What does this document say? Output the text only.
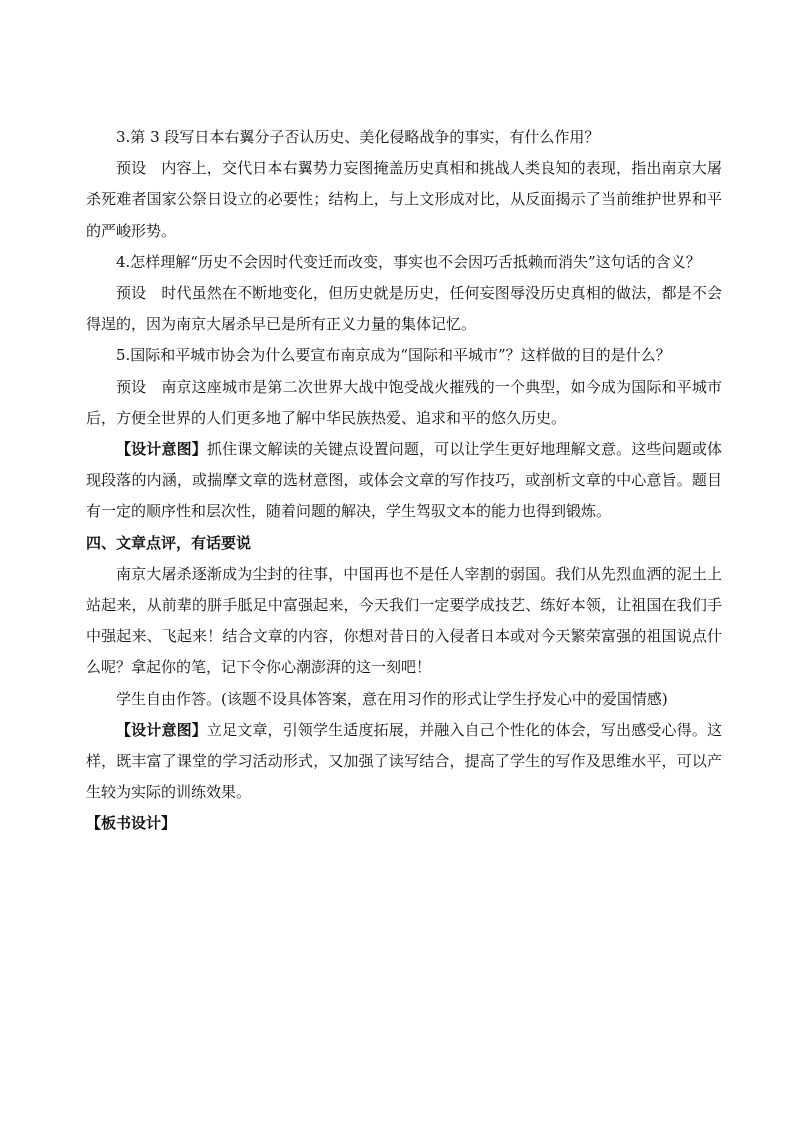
3.第 3 段写日本右翼分子否认历史、美化侵略战争的事实，有什么作用？

预设 内容上，交代日本右翼势力妄图掩盖历史真相和挑战人类良知的表现，指出南京大屠杀死难者国家公祭日设立的必要性；结构上，与上文形成对比，从反面揭示了当前维护世界和平的严峻形势。

4.怎样理解“历史不会因时代变迁而改变，事实也不会因巧舌抵赖而消失”这句话的含义？

预设 时代虽然在不断地变化，但历史就是历史，任何妄图辱没历史真相的做法，都是不会得逞的，因为南京大屠杀早已是所有正义力量的集体记忆。

5.国际和平城市协会为什么要宣布南京成为“国际和平城市”？这样做的目的是什么？

预设 南京这座城市是第二次世界大战中饱受战火摧残的一个典型，如今成为国际和平城市后，方便全世界的人们更多地了解中华民族热爱、追求和平的悠久历史。

【设计意图】抓住课文解读的关键点设置问题，可以让学生更好地理解文意。这些问题或体现段落的内涵，或揣摩文章的选材意图，或体会文章的写作技巧，或剖析文章的中心意旨。题目有一定的顺序性和层次性，随着问题的解决，学生驾驭文本的能力也得到锻炼。

四、文章点评，有话要说

南京大屠杀逐渐成为尘封的往事，中国再也不是任人宰割的弱国。我们从先烈血洒的泥土上站起来，从前辈的胼手胝足中富强起来，今天我们一定要学成技艺、练好本领，让祖国在我们手中强起来、飞起来！结合文章的内容，你想对昔日的入侵者日本或对今天繁荣富强的祖国说点什么呢？拿起你的笔，记下令你心潮澎湃的这一刻吧！

学生自由作答。(该题不设具体答案，意在用习作的形式让学生抒发心中的爱国情感)

【设计意图】立足文章，引领学生适度拓展，并融入自己个性化的体会，写出感受心得。这样，既丰富了课堂的学习活动形式，又加强了读写结合，提高了学生的写作及思维水平，可以产生较为实际的训练效果。

【板书设计】
